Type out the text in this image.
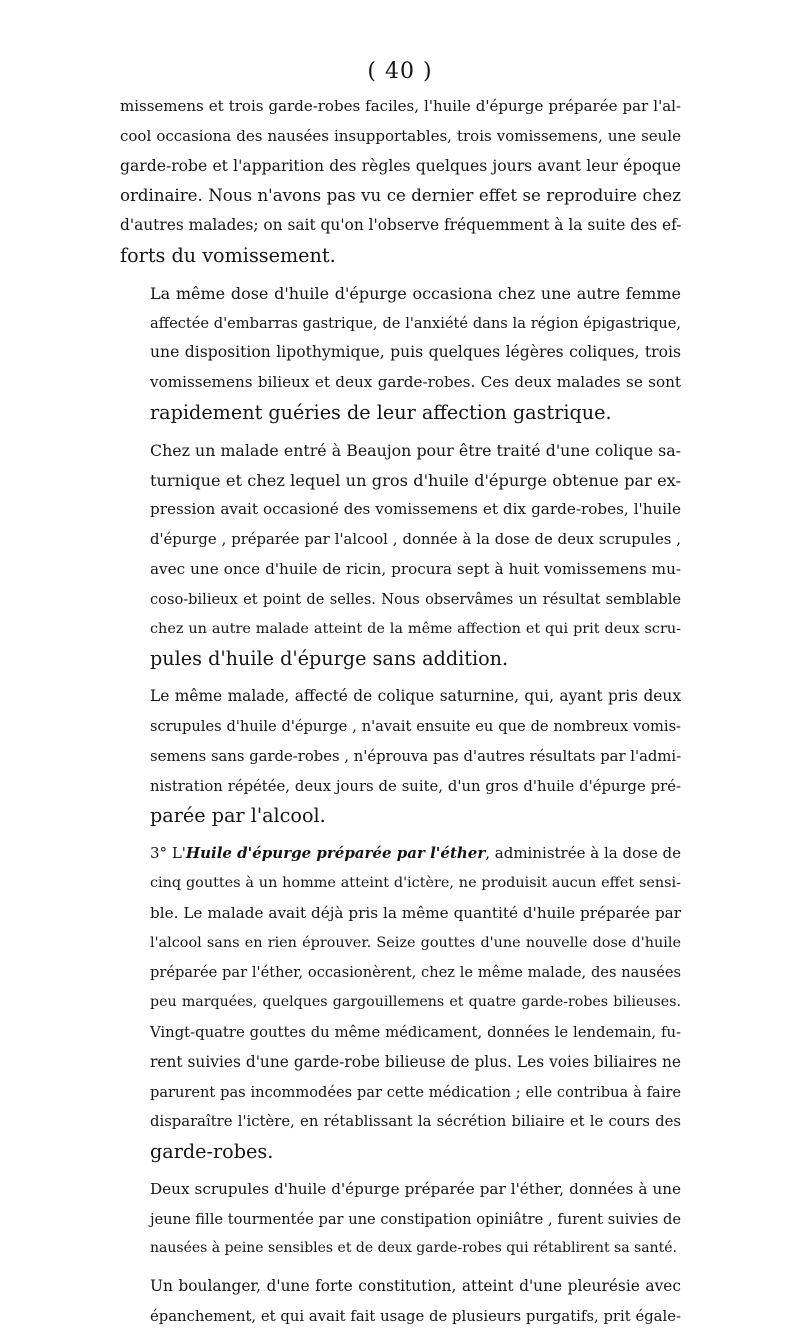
( 40 )

missemens et trois garde-robes faciles, l'huile d'épurge préparée par l'al-
cool occasiona des nausées insupportables, trois vomissemens, une seule
garde-robe et l'apparition des règles quelques jours avant leur époque
ordinaire. Nous n'avons pas vu ce dernier effet se reproduire chez
d'autres malades; on sait qu'on l'observe fréquemment à la suite des ef-
forts du vomissement.

La même dose d'huile d'épurge occasiona chez une autre femme
affectée d'embarras gastrique, de l'anxiété dans la région épigastrique,
une disposition lipothymique, puis quelques légères coliques, trois
vomissemens bilieux et deux garde-robes. Ces deux malades se sont
rapidement guéries de leur affection gastrique.

Chez un malade entré à Beaujon pour être traité d'une colique sa-
turnique et chez lequel un gros d'huile d'épurge obtenue par ex-
pression avait occasioné des vomissemens et dix garde-robes, l'huile
d'épurge , préparée par l'alcool , donnée à la dose de deux scrupules ,
avec une once d'huile de ricin, procura sept à huit vomissemens mu-
coso-bilieux et point de selles. Nous observâmes un résultat semblable
chez un autre malade atteint de la même affection et qui prit deux scru-
pules d'huile d'épurge sans addition.

Le même malade, affecté de colique saturnine, qui, ayant pris deux
scrupules d'huile d'épurge , n'avait ensuite eu que de nombreux vomis-
semens sans garde-robes , n'éprouva pas d'autres résultats par l'admi-
nistration répétée, deux jours de suite, d'un gros d'huile d'épurge pré-
parée par l'alcool.

3° L'Huile d'épurge préparée par l'éther, administrée à la dose de
cinq gouttes à un homme atteint d'ictère, ne produisit aucun effet sensi-
ble. Le malade avait déjà pris la même quantité d'huile préparée par
l'alcool sans en rien éprouver. Seize gouttes d'une nouvelle dose d'huile
préparée par l'éther, occasionèrent, chez le même malade, des nausées
peu marquées, quelques gargouillemens et quatre garde-robes bilieuses.
Vingt-quatre gouttes du même médicament, données le lendemain, fu-
rent suivies d'une garde-robe bilieuse de plus. Les voies biliaires ne
parurent pas incommodées par cette médication ; elle contribua à faire
disparaître l'ictère, en rétablissant la sécrétion biliaire et le cours des
garde-robes.

Deux scrupules d'huile d'épurge préparée par l'éther, données à une
jeune fille tourmentée par une constipation opiniâtre , furent suivies de
nausées à peine sensibles et de deux garde-robes qui rétablirent sa santé.

Un boulanger, d'une forte constitution, atteint d'une pleurésie avec
épanchement, et qui avait fait usage de plusieurs purgatifs, prit égale-
